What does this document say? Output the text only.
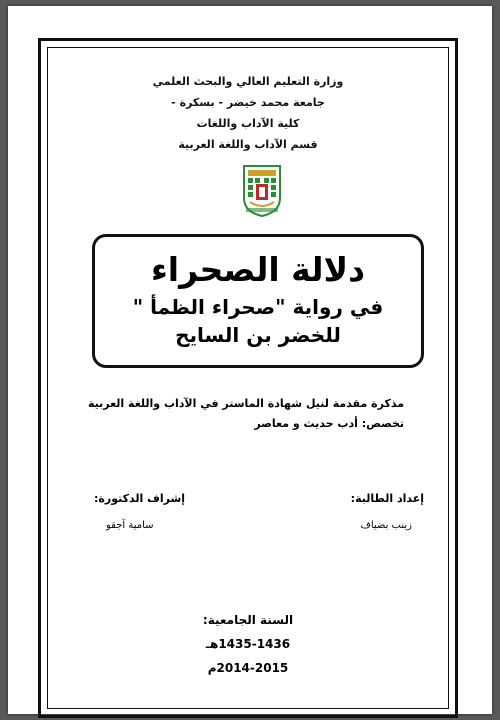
وزارة التعليم العالي والبحث العلمي
جامعة محمد خيضر - بسكرة -
كلية الآداب واللغات
قسم الآداب واللغة العربية
دلالة الصحراء
في رواية "صحراء الظمأ "
للخضر بن السايح
مذكرة مقدمة لنيل شهادة الماستر في الآداب واللغة العربية
تخصص: أدب حديث و معاصر
إعداد الطالبة:
زينب بضياف
إشراف الدكتورة:
سامية آجقو
السنة الجامعية:
1435-1436هـ
2014-2015م
